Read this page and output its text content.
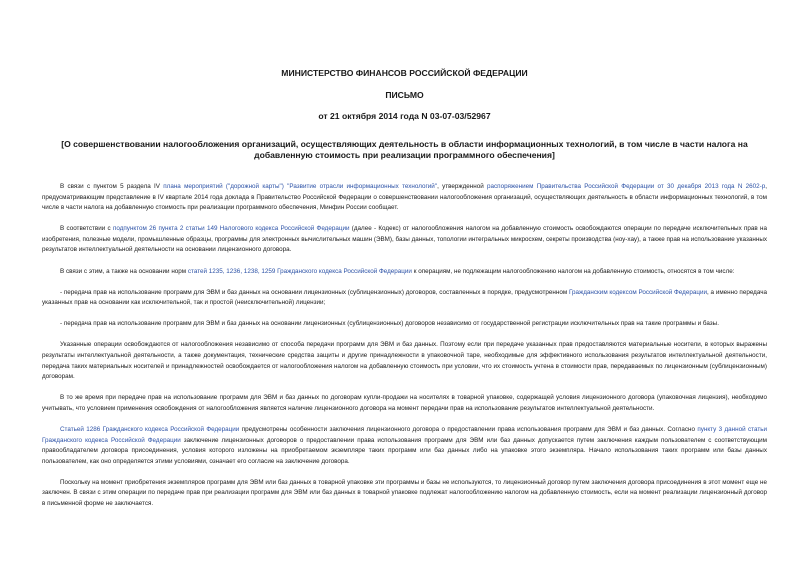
МИНИСТЕРСТВО ФИНАНСОВ РОССИЙСКОЙ ФЕДЕРАЦИИ
ПИСЬМО
от 21 октября 2014 года N 03-07-03/52967
[О совершенствовании налогообложения организаций, осуществляющих деятельность в области информационных технологий, в том числе в части налога на добавленную стоимость при реализации программного обеспечения]

В связи с пунктом 5 раздела IV плана мероприятий ("дорожной карты") "Развитие отрасли информационных технологий", утвержденной распоряжением Правительства Российской Федерации от 30 декабря 2013 года N 2602-р, предусматривающим представление в IV квартале 2014 года доклада в Правительство Российской Федерации о совершенствовании налогообложения организаций, осуществляющих деятельность в области информационных технологий, в том числе в части налога на добавленную стоимость при реализации программного обеспечения, Минфин России сообщает.

В соответствии с подпунктом 26 пункта 2 статьи 149 Налогового кодекса Российской Федерации (далее - Кодекс) от налогообложения налогом на добавленную стоимость освобождаются операции по передаче исключительных прав на изобретения, полезные модели, промышленные образцы, программы для электронных вычислительных машин (ЭВМ), базы данных, топологии интегральных микросхем, секреты производства (ноу-хау), а также прав на использование указанных результатов интеллектуальной деятельности на основании лицензионного договора.

В связи с этим, а также на основании норм статей 1235, 1236, 1238, 1259 Гражданского кодекса Российской Федерации к операциям, не подлежащим налогообложению налогом на добавленную стоимость, относятся в том числе:

- передача прав на использование программ для ЭВМ и баз данных на основании лицензионных (сублицензионных) договоров, составленных в порядке, предусмотренном Гражданским кодексом Российской Федерации, а именно передача указанных прав на основании как исключительной, так и простой (неисключительной) лицензии;

- передача прав на использование программ для ЭВМ и баз данных на основании лицензионных (сублицензионных) договоров независимо от государственной регистрации исключительных прав на такие программы и базы.

Указанные операции освобождаются от налогообложения независимо от способа передачи программ для ЭВМ и баз данных. Поэтому если при передаче указанных прав предоставляются материальные носители, в которых выражены результаты интеллектуальной деятельности, а также документация, технические средства защиты и другие принадлежности в упаковочной таре, необходимые для эффективного использования результатов интеллектуальной деятельности, передача таких материальных носителей и принадлежностей освобождается от налогообложения налогом на добавленную стоимость при условии, что их стоимость учтена в стоимости прав, передаваемых по лицензионным (сублицензионным) договорам.

В то же время при передаче прав на использование программ для ЭВМ и баз данных по договорам купли-продажи на носителях в товарной упаковке, содержащей условия лицензионного договора (упаковочная лицензия), необходимо учитывать, что условием применения освобождения от налогообложения является наличие лицензионного договора на момент передачи прав на использование результатов интеллектуальной деятельности.

Статьей 1286 Гражданского кодекса Российской Федерации предусмотрены особенности заключения лицензионного договора о предоставлении права использования программ для ЭВМ и баз данных. Согласно пункту 3 данной статьи Гражданского кодекса Российской Федерации заключение лицензионных договоров о предоставлении права использования программ для ЭВМ или баз данных допускается путем заключения каждым пользователем с соответствующим правообладателем договора присоединения, условия которого изложены на приобретаемом экземпляре таких программ или баз данных либо на упаковке этого экземпляра. Начало использования таких программ или базы данных пользователем, как оно определяется этими условиями, означает его согласие на заключение договора.

Поскольку на момент приобретения экземпляров программ для ЭВМ или баз данных в товарной упаковке эти программы и базы не используются, то лицензионный договор путем заключения договора присоединения в этот момент еще не заключен. В связи с этим операции по передаче прав при реализации программ для ЭВМ или баз данных в товарной упаковке подлежат налогообложению налогом на добавленную стоимость, если на момент реализации лицензионный договор в письменной форме не заключается.
